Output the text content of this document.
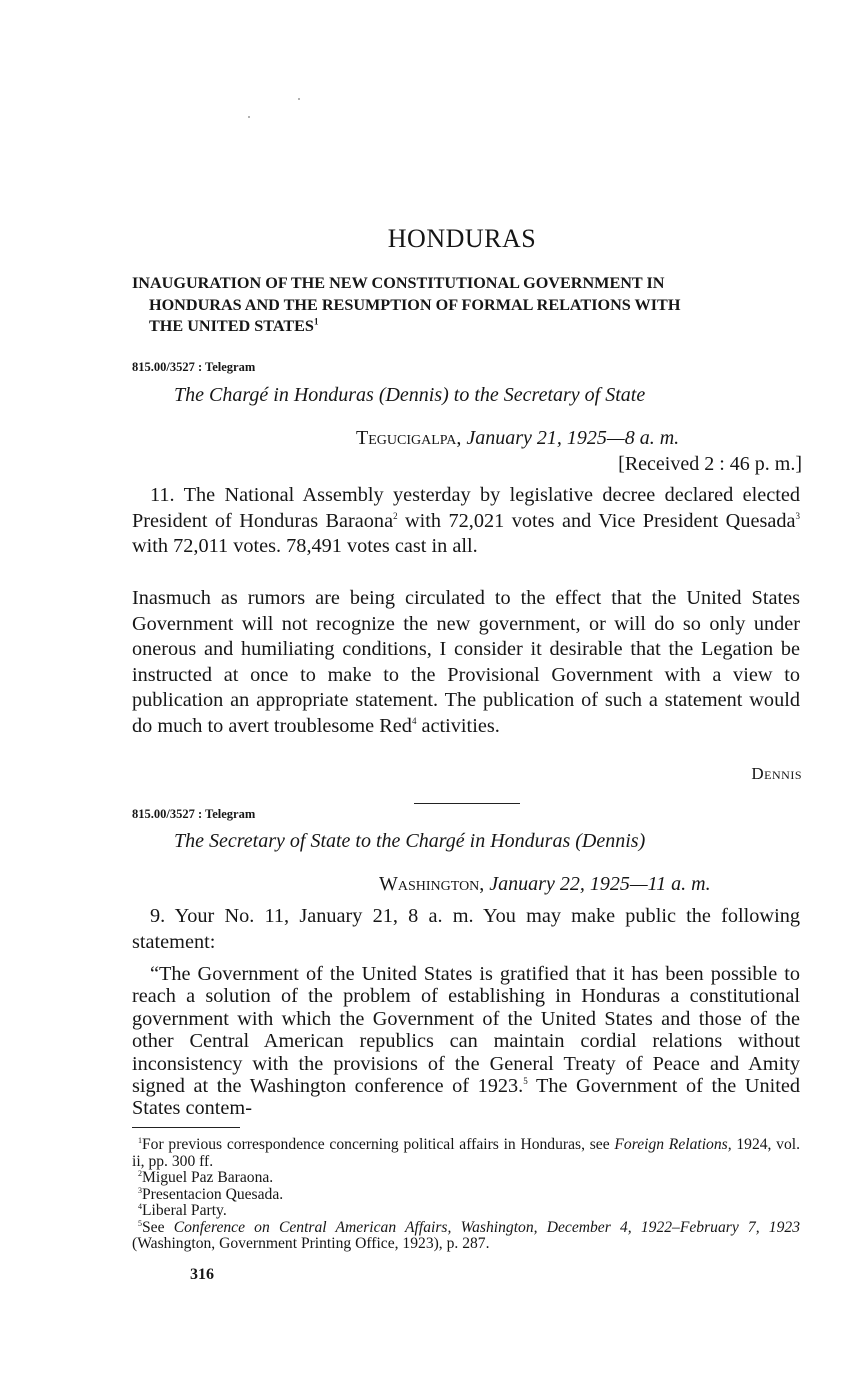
HONDURAS
INAUGURATION OF THE NEW CONSTITUTIONAL GOVERNMENT IN
HONDURAS AND THE RESUMPTION OF FORMAL RELATIONS WITH
THE UNITED STATES$^1$
815.00/3527 : Telegram
The Chargé in Honduras (Dennis) to the Secretary of State
Tegucigalpa, January 21, 1925—8 a. m.
[Received 2 : 46 p. m.]

11. The National Assembly yesterday by legislative decree declared elected President of Honduras Baraona$^2$ with 72,021 votes and Vice President Quesada$^3$ with 72,011 votes. 78,491 votes cast in all.

Inasmuch as rumors are being circulated to the effect that the United States Government will not recognize the new government, or will do so only under onerous and humiliating conditions, I consider it desirable that the Legation be instructed at once to make to the Provisional Government with a view to publication an appropriate statement. The publication of such a statement would do much to avert troublesome Red$^4$ activities.

Dennis
815.00/3527 : Telegram
The Secretary of State to the Chargé in Honduras (Dennis)
Washington, January 22, 1925—11 a. m.

9. Your No. 11, January 21, 8 a. m. You may make public the following statement:

“The Government of the United States is gratified that it has been possible to reach a solution of the problem of establishing in Honduras a constitutional government with which the Government of the United States and those of the other Central American republics can maintain cordial relations without inconsistency with the provisions of the General Treaty of Peace and Amity signed at the Washington conference of 1923.$^5$ The Government of the United States contem-

$^1$For previous correspondence concerning political affairs in Honduras, see Foreign Relations, 1924, vol. ii, pp. 300 ff.
$^2$Miguel Paz Baraona.
$^3$Presentacion Quesada.
$^4$Liberal Party.
$^5$See Conference on Central American Affairs, Washington, December 4, 1922–February 7, 1923 (Washington, Government Printing Office, 1923), p. 287.
316
